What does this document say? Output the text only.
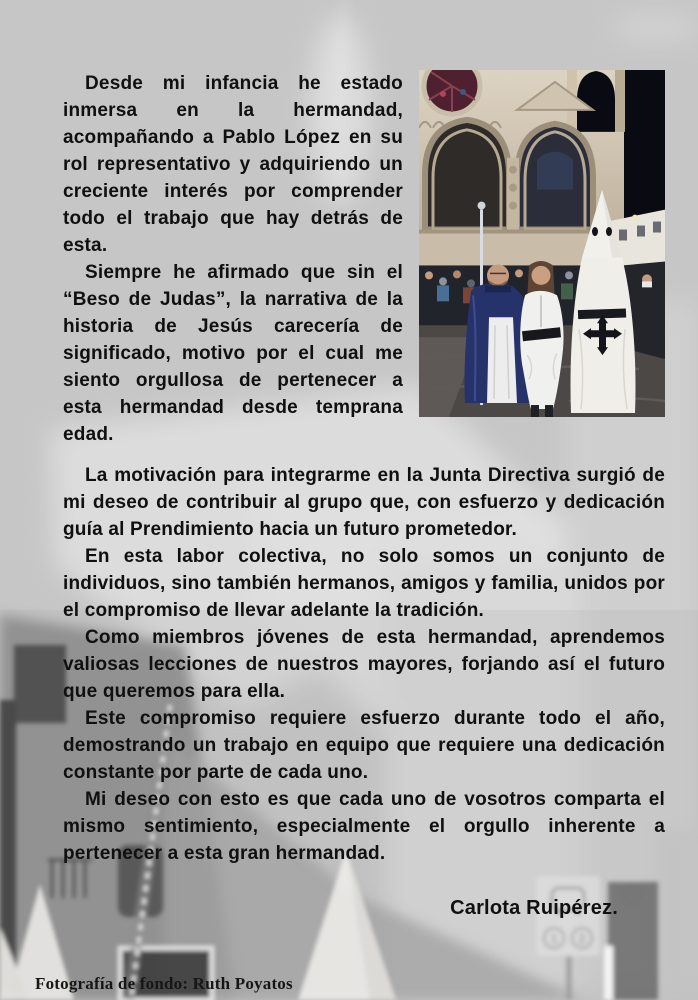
1 2

Desde mi infancia he estado inmersa en la hermandad, acompañando a Pablo López en su rol representativo y adquiriendo un creciente interés por comprender todo el trabajo que hay detrás de esta.

Siempre he afirmado que sin el “Beso de Judas”, la narrativa de la historia de Jesús carecería de significado, motivo por el cual me siento orgullosa de pertenecer a esta hermandad desde temprana edad.

La motivación para integrarme en la Junta Directiva surgió de mi deseo de contribuir al grupo que, con esfuerzo y dedicación guía al Prendimiento hacia un futuro prometedor.

En esta labor colectiva, no solo somos un conjunto de individuos, sino también hermanos, amigos y familia, unidos por el compromiso de llevar adelante la tradición.

Como miembros jóvenes de esta hermandad, aprendemos valiosas lecciones de nuestros mayores, forjando así el futuro que queremos para ella.

Este compromiso requiere esfuerzo durante todo el año, demostrando un trabajo en equipo que requiere una dedicación constante por parte de cada uno.

Mi deseo con esto es que cada uno de vosotros comparta el mismo sentimiento, especialmente el orgullo inherente a pertenecer a esta gran hermandad.

Carlota Ruipérez.
Fotografía de fondo: Ruth Poyatos
